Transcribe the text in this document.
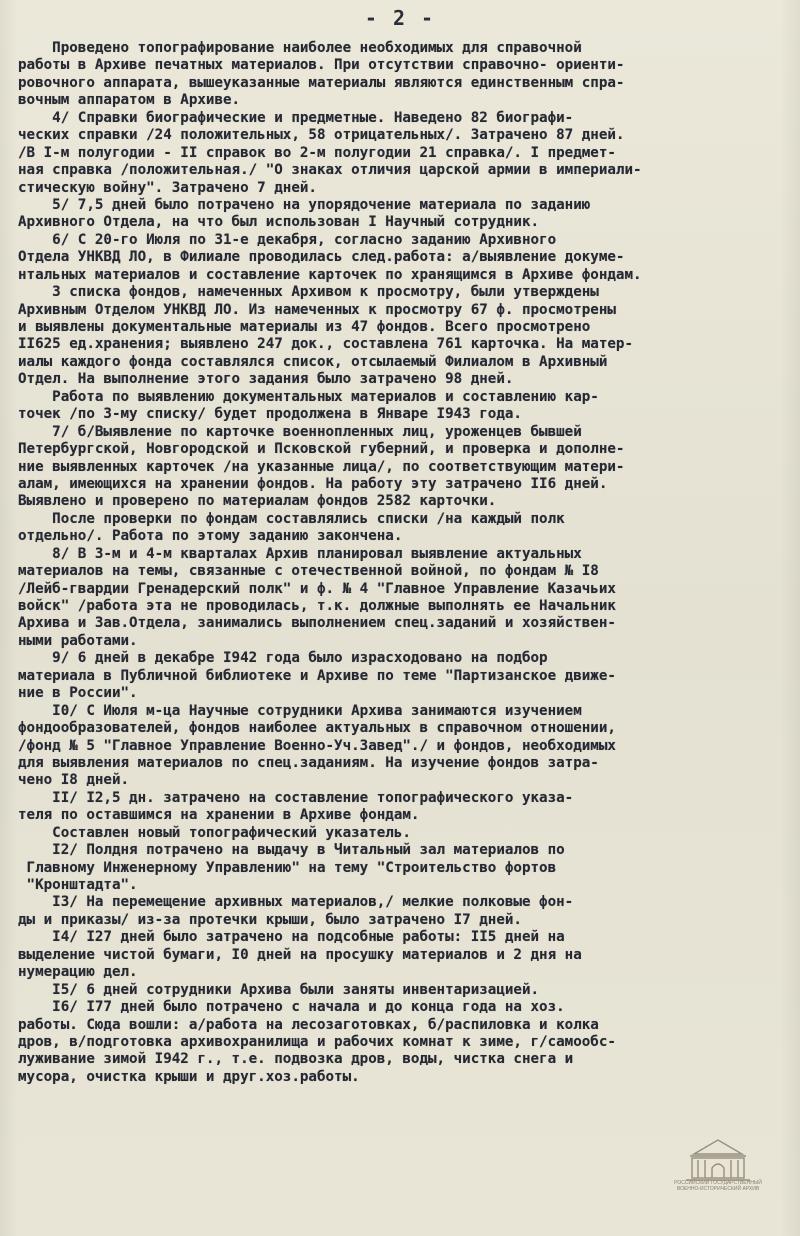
- 2 -
Проведено топографирование наиболее необходимых для справочной
работы в Архиве печатных материалов. При отсутствии справочно- ориенти-
ровочного аппарата, вышеуказанные материалы являются единственным спра-
вочным аппаратом в Архиве.
4/ Справки биографические и предметные. Наведено 82 биографи-
ческих справки /24 положительных, 58 отрицательных/. Затрачено 87 дней.
/В I-м полугодии - II справок во 2-м полугодии 21 справка/. I предмет-
ная справка /положительная./ "О знаках отличия царской армии в империали-
стическую войну". Затрачено 7 дней.
5/ 7,5 дней было потрачено на упорядочение материала по заданию
Архивного Отдела, на что был использован I Научный сотрудник.
6/ С 20-го Июля по 31-е декабря, согласно заданию Архивного
Отдела УНКВД ЛО, в Филиале проводилась след.работа: а/выявление докуме-
нтальных материалов и составление карточек по хранящимся в Архиве фондам.
3 списка фондов, намеченных Архивом к просмотру, были утверждены
Архивным Отделом УНКВД ЛО. Из намеченных к просмотру 67 ф. просмотрены
и выявлены документальные материалы из 47 фондов. Всего просмотрено
II625 ед.хранения; выявлено 247 док., составлена 761 карточка. На матер-
иалы каждого фонда составлялся список, отсылаемый Филиалом в Архивный
Отдел. На выполнение этого задания было затрачено 98 дней.
Работа по выявлению документальных материалов и составлению кар-
точек /по 3-му списку/ будет продолжена в Январе I943 года.
7/ б/Выявление по карточке военнопленных лиц, уроженцев бывшей
Петербургской, Новгородской и Псковской губерний, и проверка и дополне-
ние выявленных карточек /на указанные лица/, по соответствующим матери-
алам, имеющихся на хранении фондов. На работу эту затрачено II6 дней.
Выявлено и проверено по материалам фондов 2582 карточки.
После проверки по фондам составлялись списки /на каждый полк
отдельно/. Работа по этому заданию закончена.
8/ В 3-м и 4-м кварталах Архив планировал выявление актуальных
материалов на темы, связанные с отечественной войной, по фондам № I8
/Лейб-гвардии Гренадерский полк" и ф. № 4 "Главное Управление Казачьих
войск" /работа эта не проводилась, т.к. должные выполнять ее Начальник
Архива и Зав.Отдела, занимались выполнением спец.заданий и хозяйствен-
ными работами.
9/ 6 дней в декабре I942 года было израсходовано на подбор
материала в Публичной библиотеке и Архиве по теме "Партизанское движе-
ние в России".
I0/ С Июля м-ца Научные сотрудники Архива занимаются изучением
фондообразователей, фондов наиболее актуальных в справочном отношении,
/фонд № 5 "Главное Управление Военно-Уч.Завед"./ и фондов, необходимых
для выявления материалов по спец.заданиям. На изучение фондов затра-
чено I8 дней.
II/ I2,5 дн. затрачено на составление топографического указа-
теля по оставшимся на хранении в Архиве фондам.
Составлен новый топографический указатель.
I2/ Полдня потрачено на выдачу в Читальный зал материалов по
Главному Инженерному Управлению" на тему "Строительство фортов
"Кронштадта".
I3/ На перемещение архивных материалов,/ мелкие полковые фон-
ды и приказы/ из-за протечки крыши, было затрачено I7 дней.
I4/ I27 дней было затрачено на подсобные работы: II5 дней на
выделение чистой бумаги, I0 дней на просушку материалов и 2 дня на
нумерацию дел.
I5/ 6 дней сотрудники Архива были заняты инвентаризацией.
I6/ I77 дней было потрачено с начала и до конца года на хоз.
работы. Сюда вошли: а/работа на лесозаготовках, б/распиловка и колка
дров, в/подготовка архивохранилища и рабочих комнат к зиме, г/самообс-
луживание зимой I942 г., т.е. подвозка дров, воды, чистка снега и
мусора, очистка крыши и друг.хоз.работы.
РОССИЙСКИЙ ГОСУДАРСТВЕННЫЙ ВОЕННО-ИСТОРИЧЕСКИЙ АРХИВ
